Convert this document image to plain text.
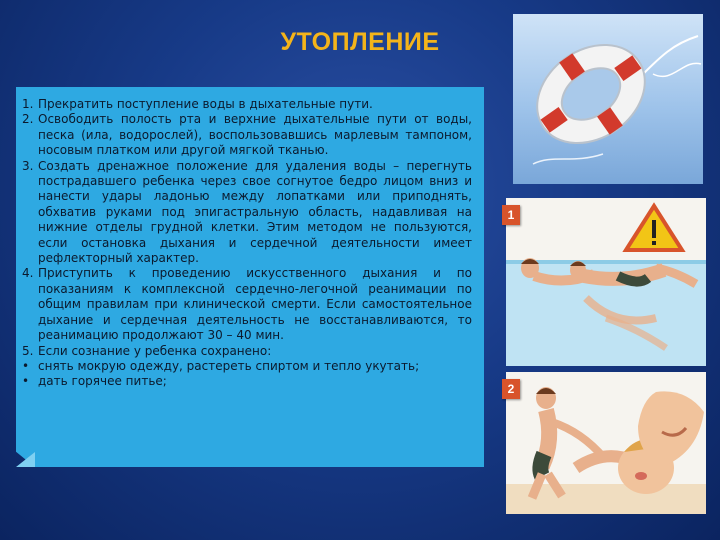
УТОПЛЕНИЕ
1. Прекратить поступление воды в дыхательные пути.
2. Освободить полость рта и верхние дыхательные пути от воды, песка (ила, водорослей), воспользовавшись марлевым тампоном, носовым платком или другой мягкой тканью.
3. Создать дренажное положение для удаления воды – перегнуть пострадавшего ребенка через свое согнутое бедро лицом вниз и нанести удары ладонью между лопатками или приподнять, обхватив руками под эпигастральную область, надавливая на нижние отделы грудной клетки. Этим методом не пользуются, если остановка дыхания и сердечной деятельности имеет рефлекторный характер.
4. Приступить к проведению искусственного дыхания и по показаниям к комплексной сердечно-легочной реанимации по общим правилам при клинической смерти. Если самостоятельное дыхание и сердечная деятельность не восстанавливаются, то реанимацию продолжают 30 – 40 мин.
5. Если сознание у ребенка сохранено:
• снять мокрую одежду, растереть спиртом и тепло укутать;
• дать горячее питье;
1
2
